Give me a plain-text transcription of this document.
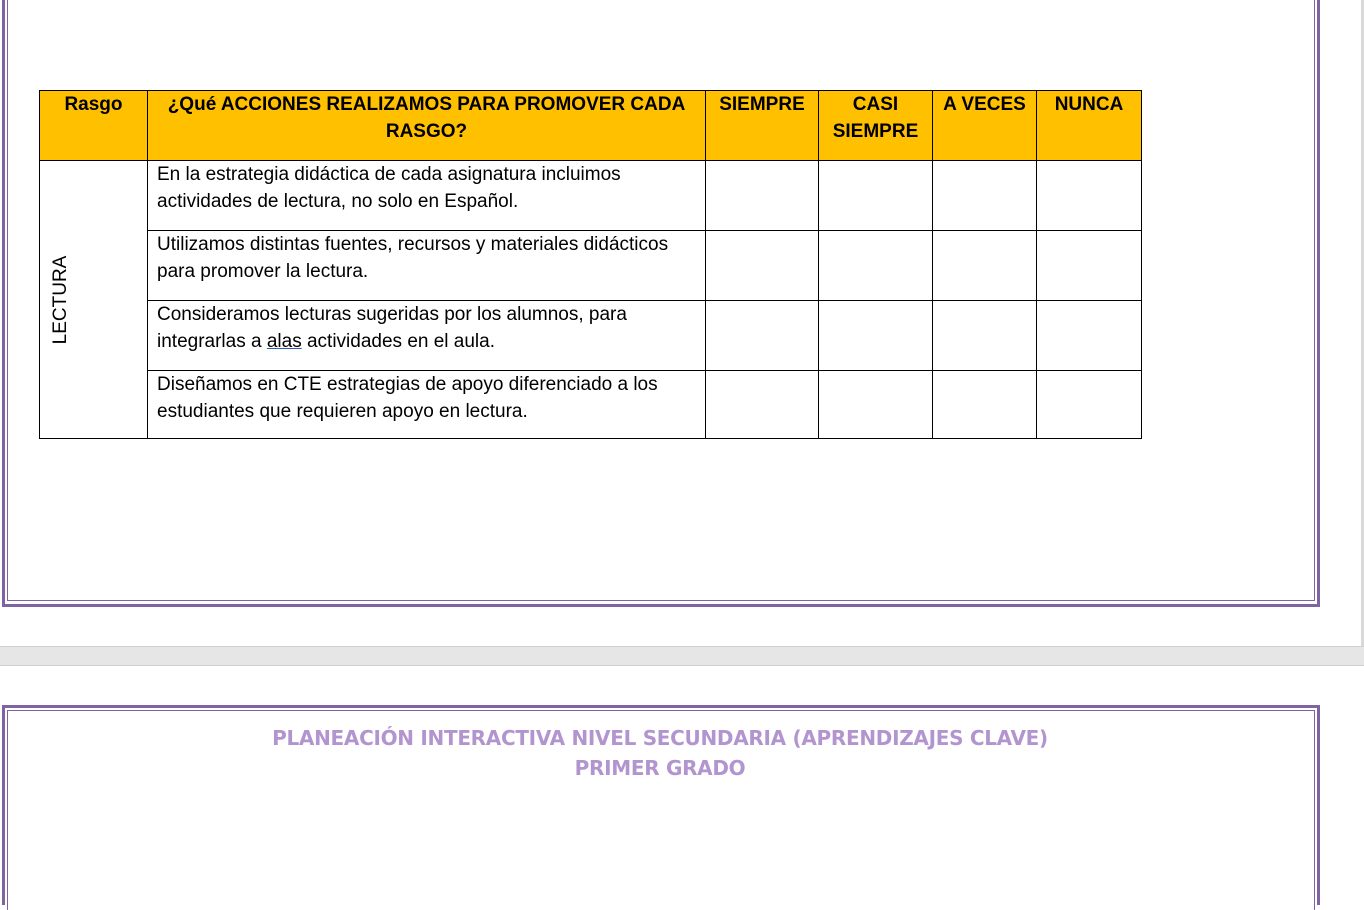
Rasgo	¿Qué ACCIONES REALIZAMOS PARA PROMOVER CADA RASGO?	SIEMPRE	CASI SIEMPRE	A VECES	NUNCA

LECTURA	En la estrategia didáctica de cada asignatura incluimos actividades de lectura, no solo en Español.				
	Utilizamos distintas fuentes, recursos y materiales didácticos para promover la lectura.				
	Consideramos lecturas sugeridas por los alumnos, para integrarlas a alas actividades en el aula.				
	Diseñamos en CTE estrategias de apoyo diferenciado a los estudiantes que requieren apoyo en lectura.				
PLANEACIÓN INTERACTIVA NIVEL SECUNDARIA (APRENDIZAJES CLAVE)
PRIMER GRADO
